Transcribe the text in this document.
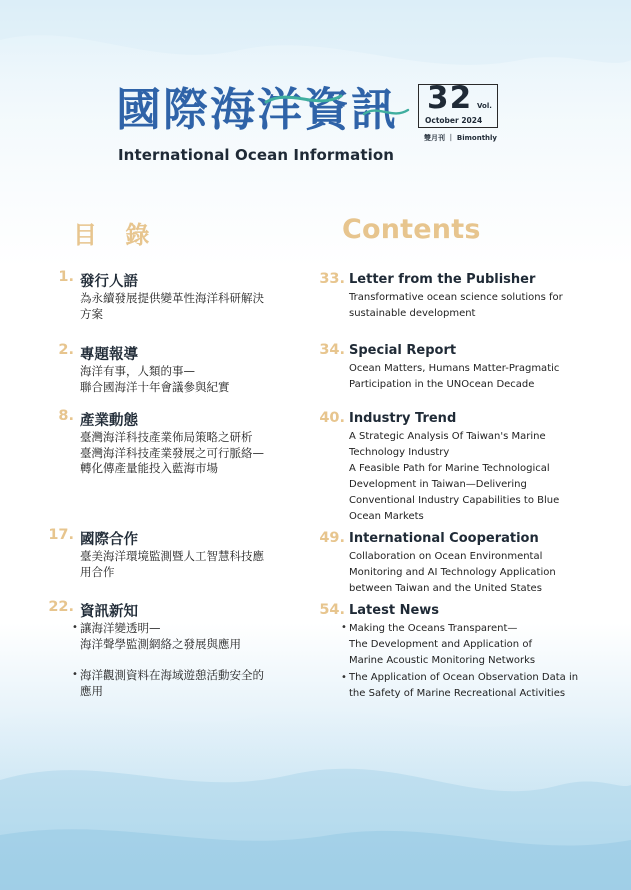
國際海洋資訊
International Ocean Information
32 Vol.
October 2024
雙月刊 ｜ Bimonthly
目 錄	Contents
1. 發行人語
為永續發展提供變革性海洋科研解決
方案
2. 專題報導
海洋有事，人類的事—
聯合國海洋十年會議參與紀實
8. 產業動態
臺灣海洋科技產業佈局策略之研析
臺灣海洋科技產業發展之可行脈絡—
轉化傳產量能投入藍海市場
17. 國際合作
臺美海洋環境監測暨人工智慧科技應
用合作
22. 資訊新知
• 讓海洋變透明—
海洋聲學監測網絡之發展與應用
• 海洋觀測資料在海域遊憩活動安全的
應用
33. Letter from the Publisher
Transformative ocean science solutions for
sustainable development
34. Special Report
Ocean Matters, Humans Matter-Pragmatic
Participation in the UNOcean Decade
40. Industry Trend
A Strategic Analysis Of Taiwan's Marine
Technology Industry
A Feasible Path for Marine Technological
Development in Taiwan—Delivering
Conventional Industry Capabilities to Blue
Ocean Markets
49. International Cooperation
Collaboration on Ocean Environmental
Monitoring and AI Technology Application
between Taiwan and the United States
54. Latest News
• Making the Oceans Transparent—
The Development and Application of
Marine Acoustic Monitoring Networks
• The Application of Ocean Observation Data in
the Safety of Marine Recreational Activities
